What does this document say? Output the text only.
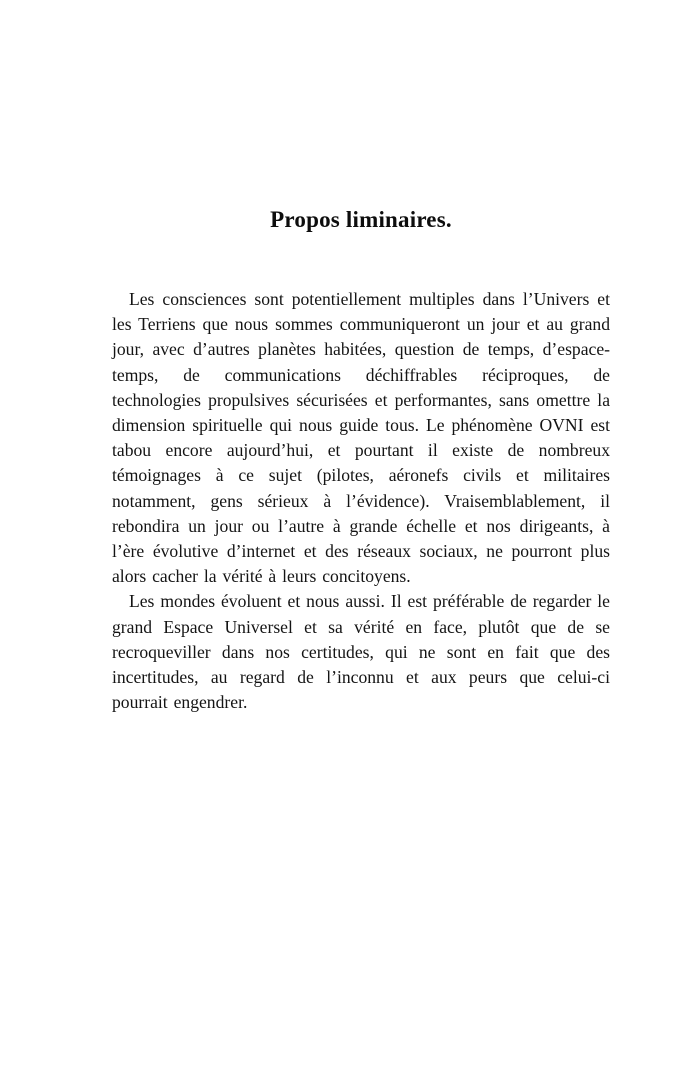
Propos liminaires.

Les consciences sont potentiellement multiples dans l’Univers et les Terriens que nous sommes communiqueront un jour et au grand jour, avec d’autres planètes habitées, question de temps, d’espace-temps, de communications déchiffrables réciproques, de technologies propulsives sécurisées et performantes, sans omettre la dimension spirituelle qui nous guide tous. Le phénomène OVNI est tabou encore aujourd’hui, et pourtant il existe de nombreux témoignages à ce sujet (pilotes, aéronefs civils et militaires notamment, gens sérieux à l’évidence). Vraisemblablement, il rebondira un jour ou l’autre à grande échelle et nos dirigeants, à l’ère évolutive d’internet et des réseaux sociaux, ne pourront plus alors cacher la vérité à leurs concitoyens.

Les mondes évoluent et nous aussi. Il est préférable de regarder le grand Espace Universel et sa vérité en face, plutôt que de se recroqueviller dans nos certitudes, qui ne sont en fait que des incertitudes, au regard de l’inconnu et aux peurs que celui-ci pourrait engendrer.
